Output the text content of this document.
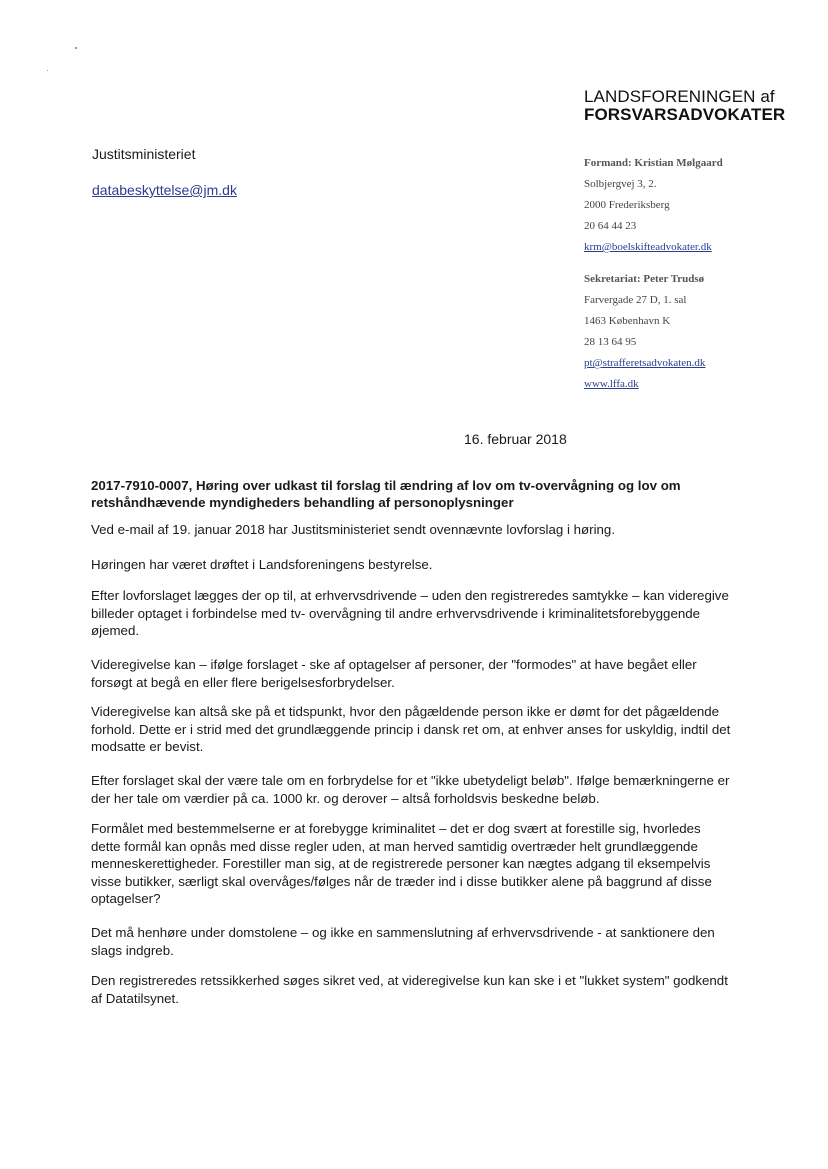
LANDSFORENINGEN af
FORSVARSADVOKATER
Justitsministeriet
databeskyttelse@jm.dk
Formand: Kristian Mølgaard
Solbjergvej 3, 2.
2000 Frederiksberg
20 64 44 23
krm@boelskifteadvokater.dk
Sekretariat: Peter Trudsø
Farvergade 27 D, 1. sal
1463 København K
28 13 64 95
pt@strafferetsadvokaten.dk
www.lffa.dk
16. februar 2018
2017-7910-0007, Høring over udkast til forslag til ændring af lov om tv-overvågning og lov om retshåndhævende myndigheders behandling af personoplysninger
Ved e-mail af 19. januar 2018 har Justitsministeriet sendt ovennævnte lovforslag i høring.
Høringen har været drøftet i Landsforeningens bestyrelse.
Efter lovforslaget lægges der op til, at erhvervsdrivende – uden den registreredes samtykke – kan videregive billeder optaget i forbindelse med tv- overvågning til andre erhvervsdrivende i kriminalitetsforebyggende øjemed.
Videregivelse kan – ifølge forslaget - ske af optagelser af personer, der "formodes" at have begået eller forsøgt at begå en eller flere berigelsesforbrydelser.
Videregivelse kan altså ske på et tidspunkt, hvor den pågældende person ikke er dømt for det pågældende forhold. Dette er i strid med det grundlæggende princip i dansk ret om, at enhver anses for uskyldig, indtil det modsatte er bevist.
Efter forslaget skal der være tale om en forbrydelse for et "ikke ubetydeligt beløb". Ifølge bemærkningerne er der her tale om værdier på ca. 1000 kr. og derover – altså forholdsvis beskedne beløb.
Formålet med bestemmelserne er at forebygge kriminalitet – det er dog svært at forestille sig, hvorledes dette formål kan opnås med disse regler uden, at man herved samtidig overtræder helt grundlæggende menneskerettigheder. Forestiller man sig, at de registrerede personer kan nægtes adgang til eksempelvis visse butikker, særligt skal overvåges/følges når de træder ind i disse butikker alene på baggrund af disse optagelser?
Det må henhøre under domstolene – og ikke en sammenslutning af erhvervsdrivende - at sanktionere den slags indgreb.
Den registreredes retssikkerhed søges sikret ved, at videregivelse kun kan ske i et "lukket system" godkendt af Datatilsynet.
